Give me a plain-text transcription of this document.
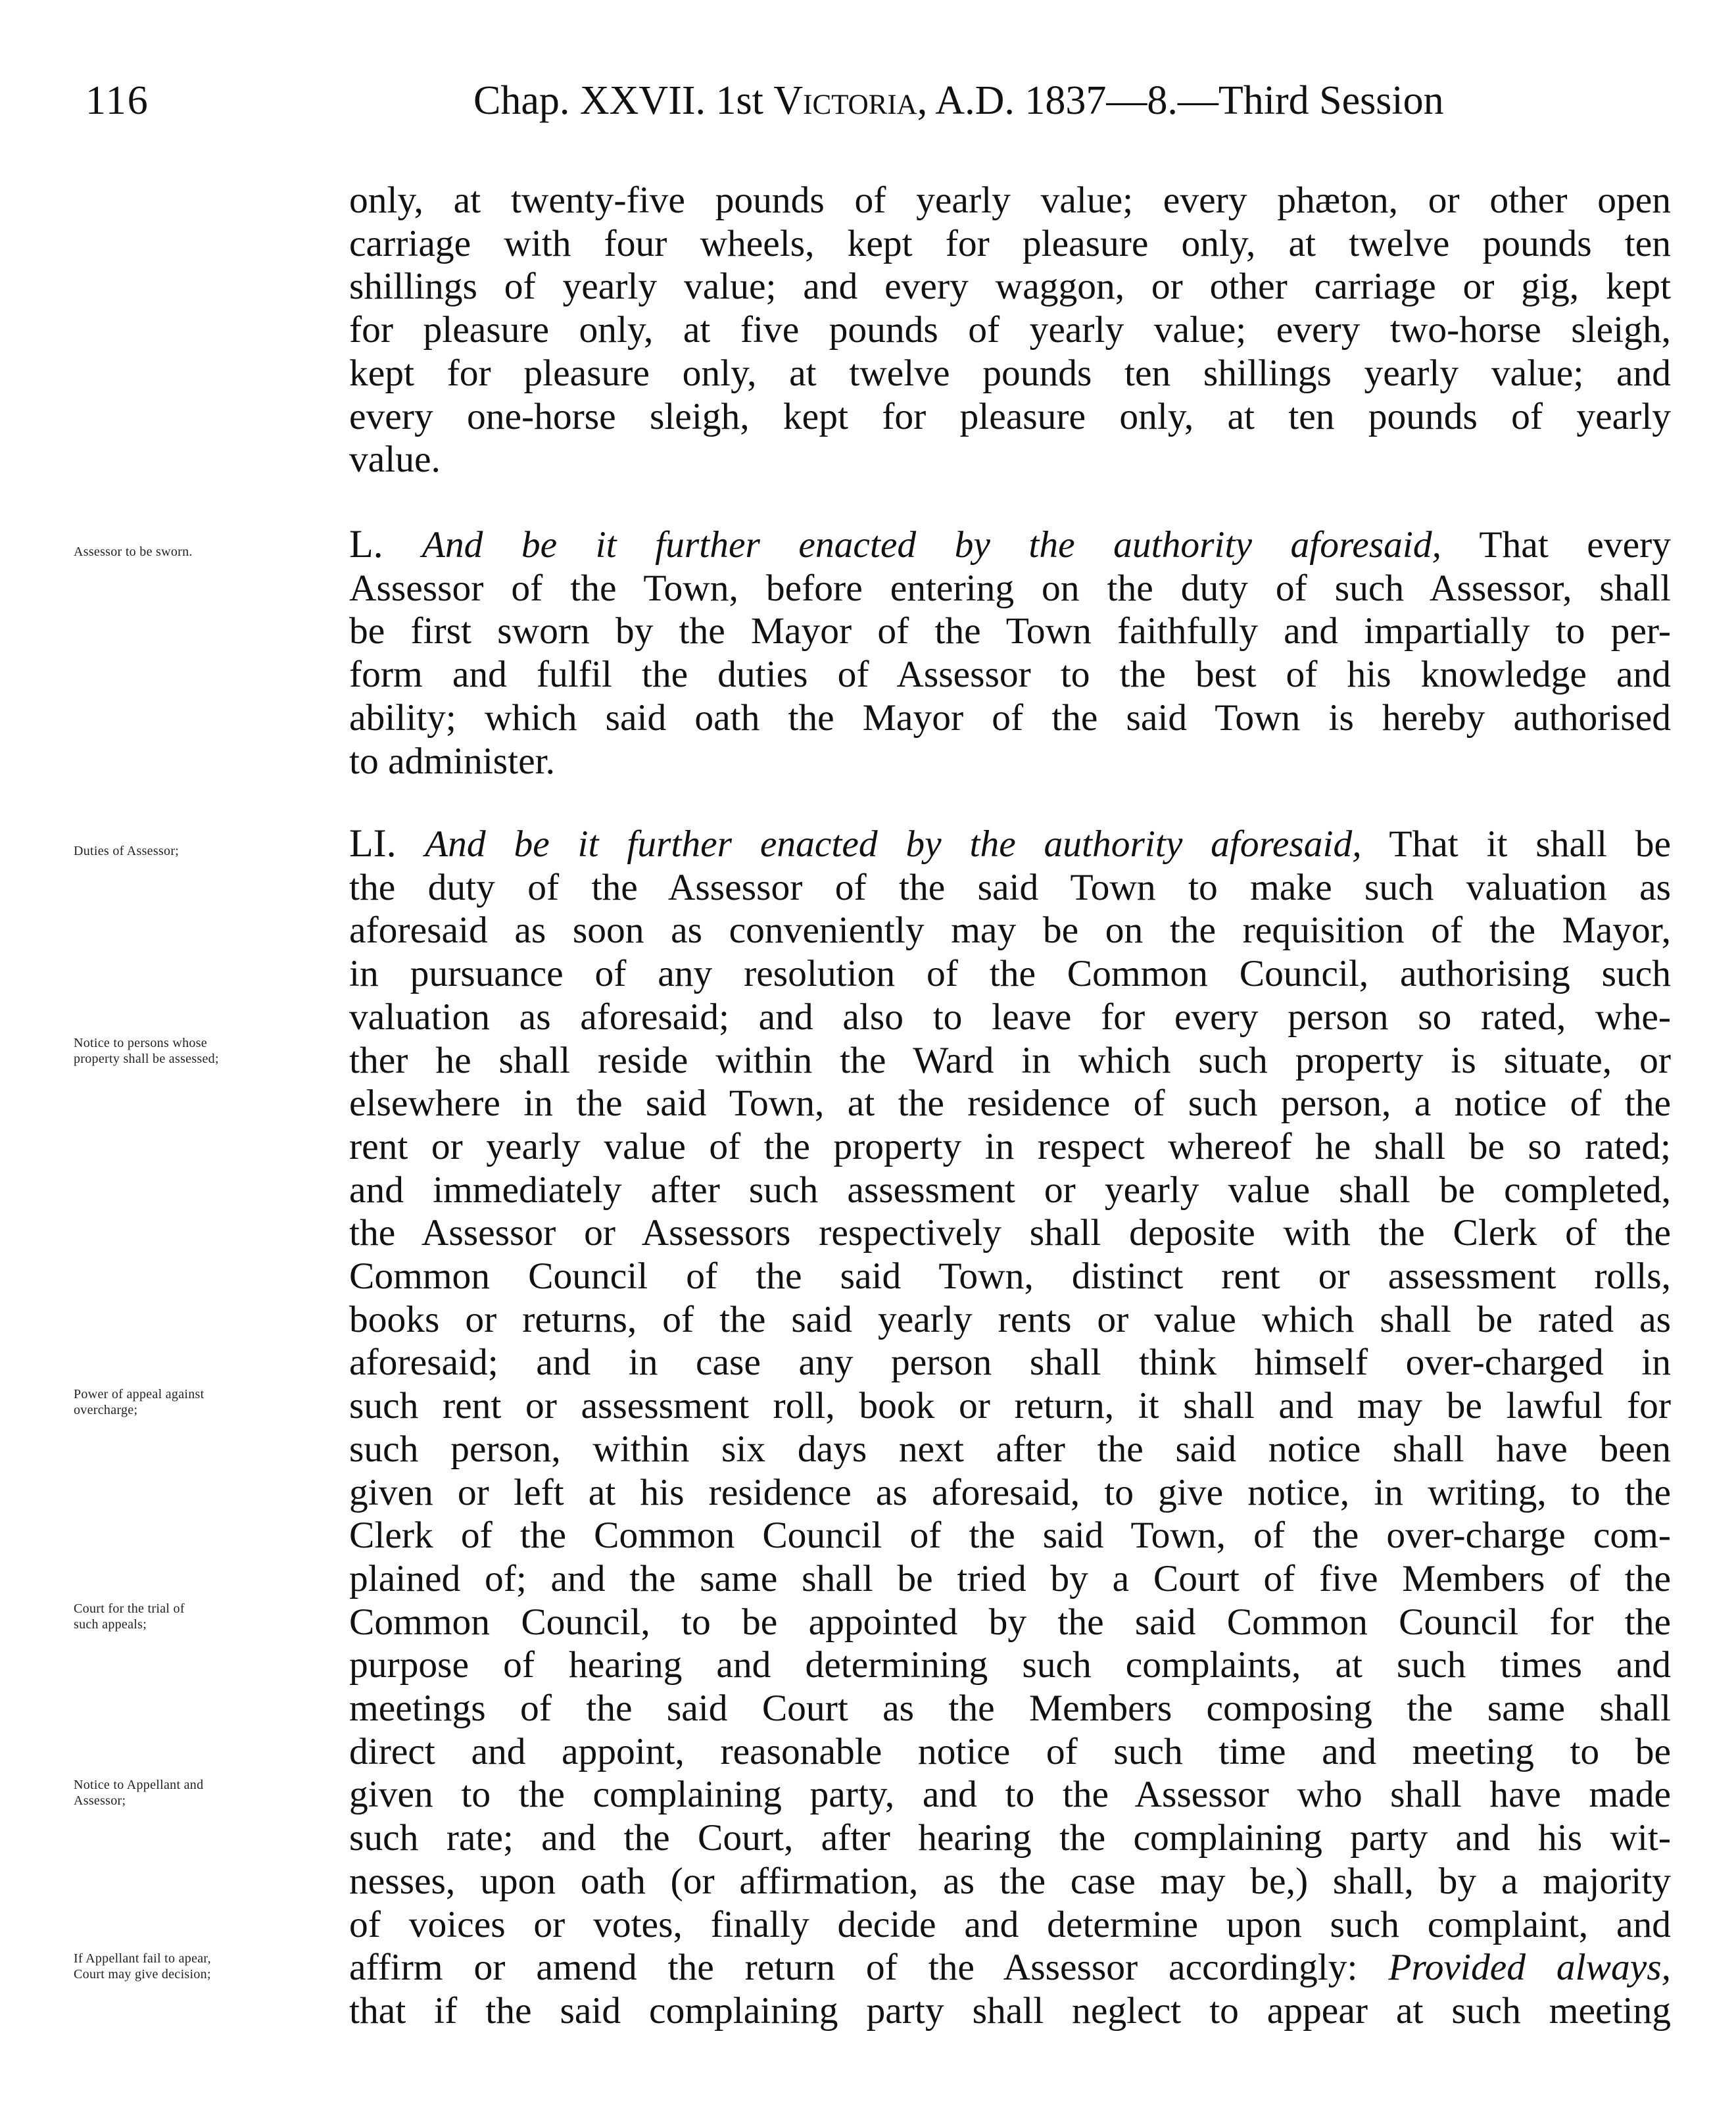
116	Chap. XXVII. 1st Victoria, A.D. 1837—8.—Third Session
only, at twenty-five pounds of yearly value; every phæton, or other open
carriage with four wheels, kept for pleasure only, at twelve pounds ten
shillings of yearly value; and every waggon, or other carriage or gig, kept
for pleasure only, at five pounds of yearly value; every two-horse sleigh,
kept for pleasure only, at twelve pounds ten shillings yearly value; and
every one-horse sleigh, kept for pleasure only, at ten pounds of yearly
value.
L. And be it further enacted by the authority aforesaid, That every
Assessor of the Town, before entering on the duty of such Assessor, shall
be first sworn by the Mayor of the Town faithfully and impartially to per-
form and fulfil the duties of Assessor to the best of his knowledge and
ability; which said oath the Mayor of the said Town is hereby authorised
to administer.
LI. And be it further enacted by the authority aforesaid, That it shall be
the duty of the Assessor of the said Town to make such valuation as
aforesaid as soon as conveniently may be on the requisition of the Mayor,
in pursuance of any resolution of the Common Council, authorising such
valuation as aforesaid; and also to leave for every person so rated, whe-
ther he shall reside within the Ward in which such property is situate, or
elsewhere in the said Town, at the residence of such person, a notice of the
rent or yearly value of the property in respect whereof he shall be so rated;
and immediately after such assessment or yearly value shall be completed,
the Assessor or Assessors respectively shall deposite with the Clerk of the
Common Council of the said Town, distinct rent or assessment rolls,
books or returns, of the said yearly rents or value which shall be rated as
aforesaid; and in case any person shall think himself over-charged in
such rent or assessment roll, book or return, it shall and may be lawful for
such person, within six days next after the said notice shall have been
given or left at his residence as aforesaid, to give notice, in writing, to the
Clerk of the Common Council of the said Town, of the over-charge com-
plained of; and the same shall be tried by a Court of five Members of the
Common Council, to be appointed by the said Common Council for the
purpose of hearing and determining such complaints, at such times and
meetings of the said Court as the Members composing the same shall
direct and appoint, reasonable notice of such time and meeting to be
given to the complaining party, and to the Assessor who shall have made
such rate; and the Court, after hearing the complaining party and his wit-
nesses, upon oath (or affirmation, as the case may be,) shall, by a majority
of voices or votes, finally decide and determine upon such complaint, and
affirm or amend the return of the Assessor accordingly: Provided always,
that if the said complaining party shall neglect to appear at such meeting
Assessor to be sworn.
Duties of Assessor;
Notice to persons whose
property shall be assessed;
Power of appeal against
overcharge;
Court for the trial of
such appeals;
Notice to Appellant and
Assessor;
If Appellant fail to apear,
Court may give decision;
